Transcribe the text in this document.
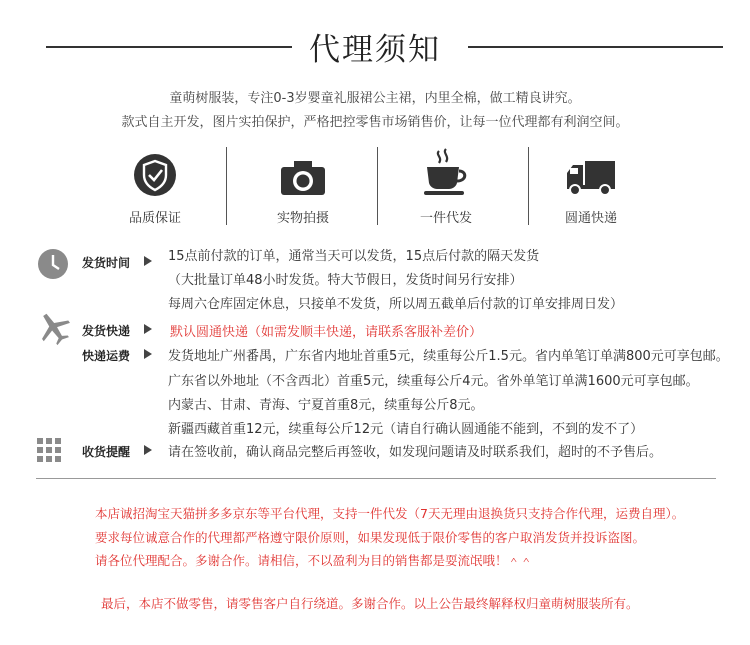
代理须知
童萌树服装，专注0-3岁婴童礼服裙公主裙，内里全棉，做工精良讲究。
款式自主开发，图片实拍保护，严格把控零售市场销售价，让每一位代理都有利润空间。
品质保证	实物拍摄	一件代发	圆通快递
发货时间	15点前付款的订单，通常当天可以发货，15点后付款的隔天发货
（大批量订单48小时发货。特大节假日，发货时间另行安排）
每周六仓库固定休息，只接单不发货，所以周五截单后付款的订单安排周日发）
发货快递	默认圆通快递（如需发顺丰快递，请联系客服补差价）
快递运费	发货地址广州番禺，广东省内地址首重5元，续重每公斤1.5元。省内单笔订单满800元可享包邮。
广东省以外地址（不含西北）首重5元，续重每公斤4元。省外单笔订单满1600元可享包邮。
内蒙古、甘肃、青海、宁夏首重8元，续重每公斤8元。
新疆西藏首重12元，续重每公斤12元（请自行确认圆通能不能到，不到的发不了）
收货提醒	请在签收前，确认商品完整后再签收，如发现问题请及时联系我们，超时的不予售后。
本店诚招淘宝天猫拼多多京东等平台代理，支持一件代发（7天无理由退换货只支持合作代理，运费自理）。
要求每位诚意合作的代理都严格遵守限价原则，如果发现低于限价零售的客户取消发货并投诉盗图。
请各位代理配合。多谢合作。请相信，不以盈利为目的销售都是耍流氓哦！＾＾
最后，本店不做零售，请零售客户自行绕道。多谢合作。以上公告最终解释权归童萌树服装所有。
